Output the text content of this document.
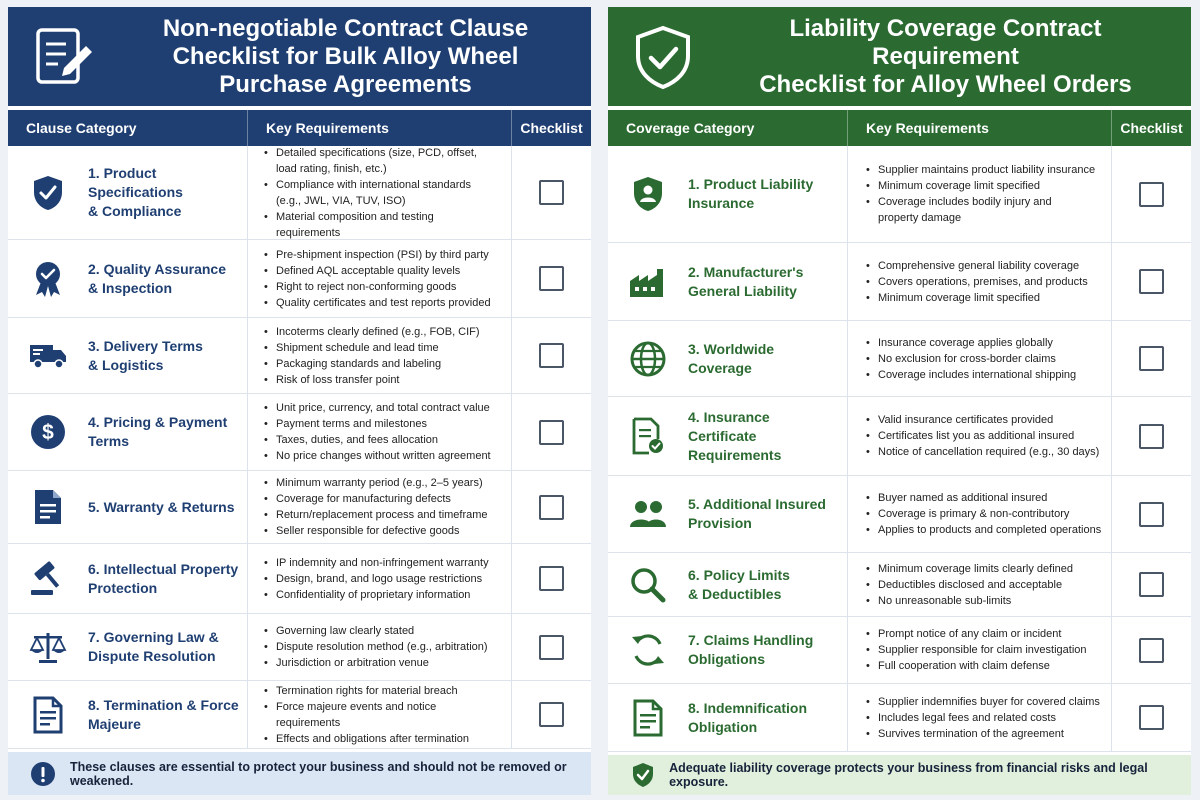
Non-negotiable Contract Clause
Checklist for Bulk Alloy Wheel
Purchase Agreements
Clause Category	Key Requirements	Checklist
1. Product Specifications
& Compliance
• Detailed specifications (size, PCD, offset,
load rating, finish, etc.)
• Compliance with international standards
(e.g., JWL, VIA, TUV, ISO)
• Material composition and testing
requirements
2. Quality Assurance
& Inspection
• Pre-shipment inspection (PSI) by third party
• Defined AQL acceptable quality levels
• Right to reject non-conforming goods
• Quality certificates and test reports provided
3. Delivery Terms
& Logistics
• Incoterms clearly defined (e.g., FOB, CIF)
• Shipment schedule and lead time
• Packaging standards and labeling
• Risk of loss transfer point
$ 4. Pricing & Payment
Terms
• Unit price, currency, and total contract value
• Payment terms and milestones
• Taxes, duties, and fees allocation
• No price changes without written agreement
5. Warranty & Returns
• Minimum warranty period (e.g., 2–5 years)
• Coverage for manufacturing defects
• Return/replacement process and timeframe
• Seller responsible for defective goods
6. Intellectual Property
Protection
• IP indemnity and non-infringement warranty
• Design, brand, and logo usage restrictions
• Confidentiality of proprietary information
7. Governing Law &
Dispute Resolution
• Governing law clearly stated
• Dispute resolution method (e.g., arbitration)
• Jurisdiction or arbitration venue
8. Termination & Force
Majeure
• Termination rights for material breach
• Force majeure events and notice requirements
• Effects and obligations after termination
These clauses are essential to protect your business and should not be removed or weakened.
Liability Coverage Contract Requirement
Checklist for Alloy Wheel Orders
Coverage Category	Key Requirements	Checklist
1. Product Liability
Insurance
• Supplier maintains product liability insurance
• Minimum coverage limit specified
• Coverage includes bodily injury and
property damage
2. Manufacturer's
General Liability
• Comprehensive general liability coverage
• Covers operations, premises, and products
• Minimum coverage limit specified
3. Worldwide Coverage
• Insurance coverage applies globally
• No exclusion for cross-border claims
• Coverage includes international shipping
4. Insurance Certificate
Requirements
• Valid insurance certificates provided
• Certificates list you as additional insured
• Notice of cancellation required (e.g., 30 days)
5. Additional Insured
Provision
• Buyer named as additional insured
• Coverage is primary & non-contributory
• Applies to products and completed operations
6. Policy Limits
& Deductibles
• Minimum coverage limits clearly defined
• Deductibles disclosed and acceptable
• No unreasonable sub-limits
7. Claims Handling
Obligations
• Prompt notice of any claim or incident
• Supplier responsible for claim investigation
• Full cooperation with claim defense
8. Indemnification
Obligation
• Supplier indemnifies buyer for covered claims
• Includes legal fees and related costs
• Survives termination of the agreement
Adequate liability coverage protects your business from financial risks and legal exposure.
